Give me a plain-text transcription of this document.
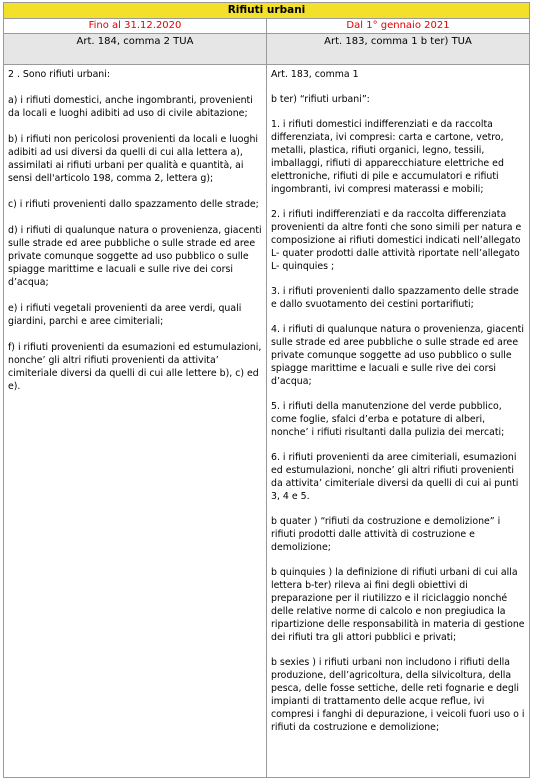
Rifiuti urbani
Fino al 31.12.2020	Dal 1° gennaio 2021
Art. 184, comma 2 TUA	Art. 183, comma 1 b ter) TUA

2 . Sono rifiuti urbani:

a) i rifiuti domestici, anche ingombranti, provenienti da locali e luoghi adibiti ad uso di civile abitazione;

b) i rifiuti non pericolosi provenienti da locali e luoghi adibiti ad usi diversi da quelli di cui alla lettera a), assimilati ai rifiuti urbani per qualità e quantità, ai sensi dell'articolo 198, comma 2, lettera g);

c) i rifiuti provenienti dallo spazzamento delle strade;

d) i rifiuti di qualunque natura o provenienza, giacenti sulle strade ed aree pubbliche o sulle strade ed aree private comunque soggette ad uso pubblico o sulle spiagge marittime e lacuali e sulle rive dei corsi d’acqua;

e) i rifiuti vegetali provenienti da aree verdi, quali giardini, parchi e aree cimiteriali;

f) i rifiuti provenienti da esumazioni ed estumulazioni, nonche’ gli altri rifiuti provenienti da attivita’ cimiteriale diversi da quelli di cui alle lettere b), c) ed e).

Art. 183, comma 1

b ter) “rifiuti urbani”:

1. i rifiuti domestici indifferenziati e da raccolta differenziata, ivi compresi: carta e cartone, vetro, metalli, plastica, rifiuti organici, legno, tessili, imballaggi, rifiuti di apparecchiature elettriche ed elettroniche, rifiuti di pile e accumulatori e rifiuti ingombranti, ivi compresi materassi e mobili;

2. i rifiuti indifferenziati e da raccolta differenziata provenienti da altre fonti che sono simili per natura e composizione ai rifiuti domestici indicati nell’allegato L- quater prodotti dalle attività riportate nell’allegato L- quinquies ;

3. i rifiuti provenienti dallo spazzamento delle strade e dallo svuotamento dei cestini portarifiuti;

4. i rifiuti di qualunque natura o provenienza, giacenti sulle strade ed aree pubbliche o sulle strade ed aree private comunque soggette ad uso pubblico o sulle spiagge marittime e lacuali e sulle rive dei corsi d’acqua;

5. i rifiuti della manutenzione del verde pubblico, come foglie, sfalci d’erba e potature di alberi, nonche’ i rifiuti risultanti dalla pulizia dei mercati;

6. i rifiuti provenienti da aree cimiteriali, esumazioni ed estumulazioni, nonche’ gli altri rifiuti provenienti da attivita’ cimiteriale diversi da quelli di cui ai punti 3, 4 e 5.

b quater ) “rifiuti da costruzione e demolizione” i rifiuti prodotti dalle attività di costruzione e demolizione;

b quinquies ) la definizione di rifiuti urbani di cui alla lettera b-ter) rileva ai fini degli obiettivi di preparazione per il riutilizzo e il riciclaggio nonché delle relative norme di calcolo e non pregiudica la ripartizione delle responsabilità in materia di gestione dei rifiuti tra gli attori pubblici e privati;

b sexies ) i rifiuti urbani non includono i rifiuti della produzione, dell’agricoltura, della silvicoltura, della pesca, delle fosse settiche, delle reti fognarie e degli impianti di trattamento delle acque reflue, ivi compresi i fanghi di depurazione, i veicoli fuori uso o i rifiuti da costruzione e demolizione;
